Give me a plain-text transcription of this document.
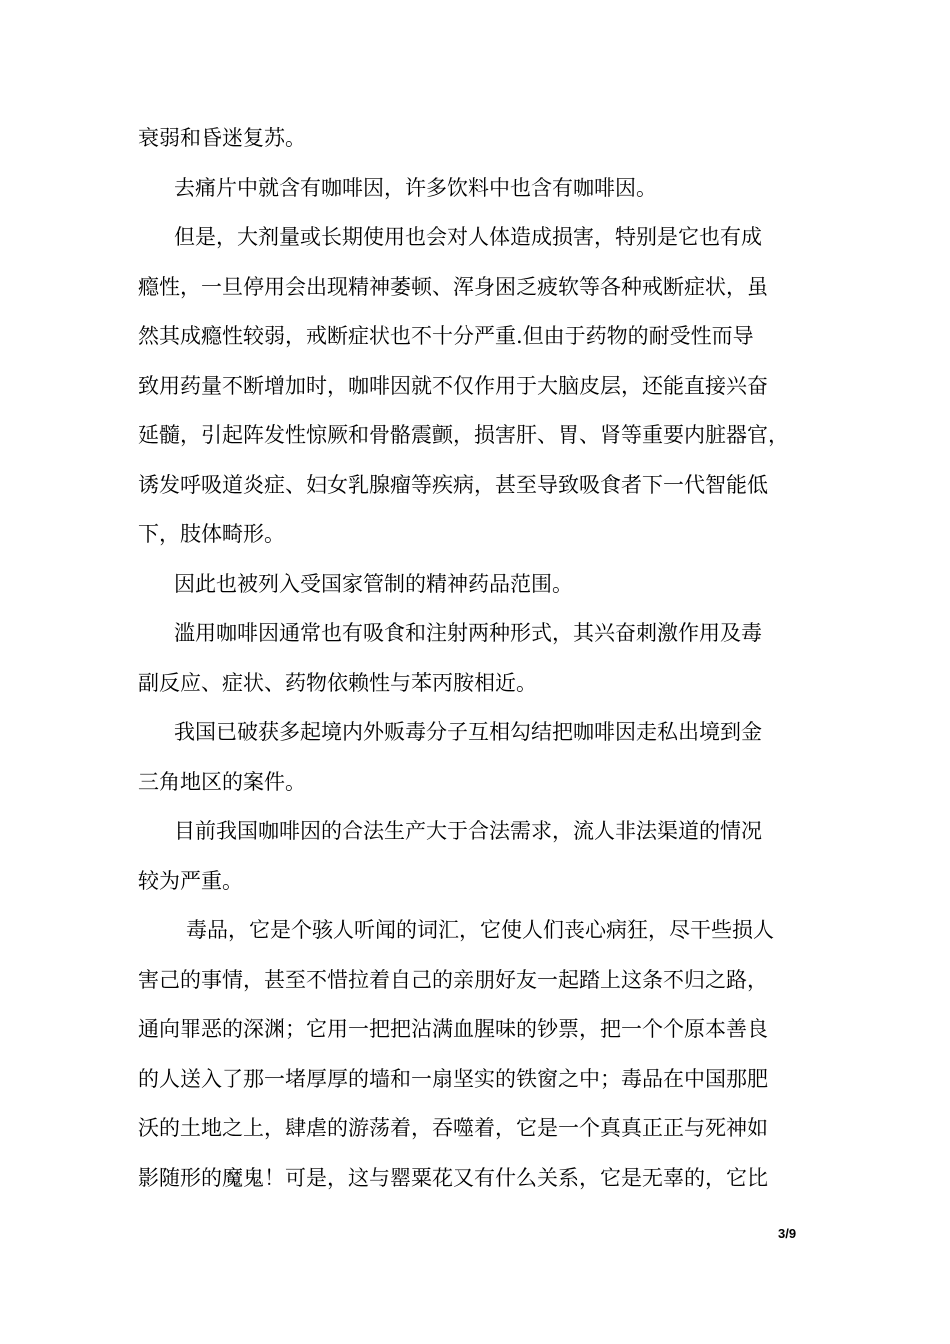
衰弱和昏迷复苏。
去痛片中就含有咖啡因，许多饮料中也含有咖啡因。
但是，大剂量或长期使用也会对人体造成损害，特别是它也有成
瘾性，一旦停用会出现精神萎顿、浑身困乏疲软等各种戒断症状，虽
然其成瘾性较弱，戒断症状也不十分严重.但由于药物的耐受性而导
致用药量不断增加时，咖啡因就不仅作用于大脑皮层，还能直接兴奋
延髓，引起阵发性惊厥和骨骼震颤，损害肝、胃、肾等重要内脏器官，
诱发呼吸道炎症、妇女乳腺瘤等疾病，甚至导致吸食者下一代智能低
下，肢体畸形。
因此也被列入受国家管制的精神药品范围。
滥用咖啡因通常也有吸食和注射两种形式，其兴奋刺激作用及毒
副反应、症状、药物依赖性与苯丙胺相近。
我国已破获多起境内外贩毒分子互相勾结把咖啡因走私出境到金
三角地区的案件。
目前我国咖啡因的合法生产大于合法需求，流人非法渠道的情况
较为严重。
毒品，它是个骇人听闻的词汇，它使人们丧心病狂，尽干些损人
害己的事情，甚至不惜拉着自己的亲朋好友一起踏上这条不归之路，
通向罪恶的深渊；它用一把把沾满血腥味的钞票，把一个个原本善良
的人送入了那一堵厚厚的墙和一扇坚实的铁窗之中；毒品在中国那肥
沃的土地之上，肆虐的游荡着，吞噬着，它是一个真真正正与死神如
影随形的魔鬼！可是，这与罂粟花又有什么关系，它是无辜的，它比
3/9
